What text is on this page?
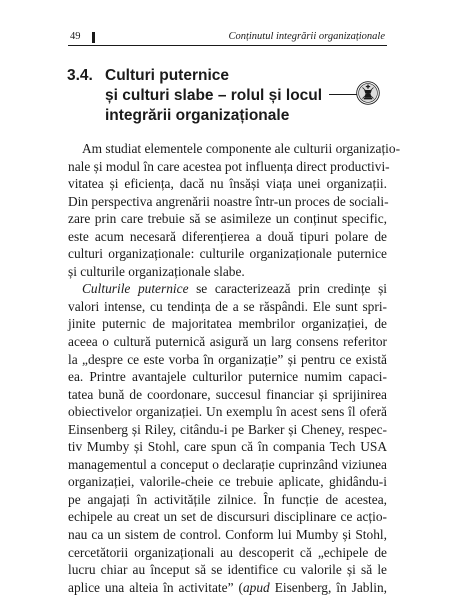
49	Conținutul integrării organizaționale
3.4. Culturi puternice
și culturi slabe – rolul și locul
integrării organizaționale
Am studiat elementele componente ale culturii organizațio-
nale și modul în care acestea pot influența direct productivi-
vitatea și eficiența, dacă nu însăși viața unei organizații.
Din perspectiva angrenării noastre într-un proces de sociali-
zare prin care trebuie să se asimileze un conținut specific,
este acum necesară diferențierea a două tipuri polare de
culturi organizaționale: culturile organizaționale puternice
și culturile organizaționale slabe.
Culturile puternice se caracterizează prin credințe și
valori intense, cu tendința de a se răspândi. Ele sunt spri-
jinite puternic de majoritatea membrilor organizației, de
aceea o cultură puternică asigură un larg consens referitor
la „despre ce este vorba în organizație” și pentru ce există
ea. Printre avantajele culturilor puternice numim capaci-
tatea bună de coordonare, succesul financiar și sprijinirea
obiectivelor organizației. Un exemplu în acest sens îl oferă
Einsenberg și Riley, citându-i pe Barker și Cheney, respec-
tiv Mumby și Stohl, care spun că în compania Tech USA
managementul a conceput o declarație cuprinzând viziunea
organizației, valorile-cheie ce trebuie aplicate, ghidându-i
pe angajați în activitățile zilnice. În funcție de acestea,
echipele au creat un set de discursuri disciplinare ce acțio-
nau ca un sistem de control. Conform lui Mumby și Stohl,
cercetătorii organizaționali au descoperit că „echipele de
lucru chiar au început să se identifice cu valorile și să le
aplice una alteia în activitate” (apud Eisenberg, în Jablin,
